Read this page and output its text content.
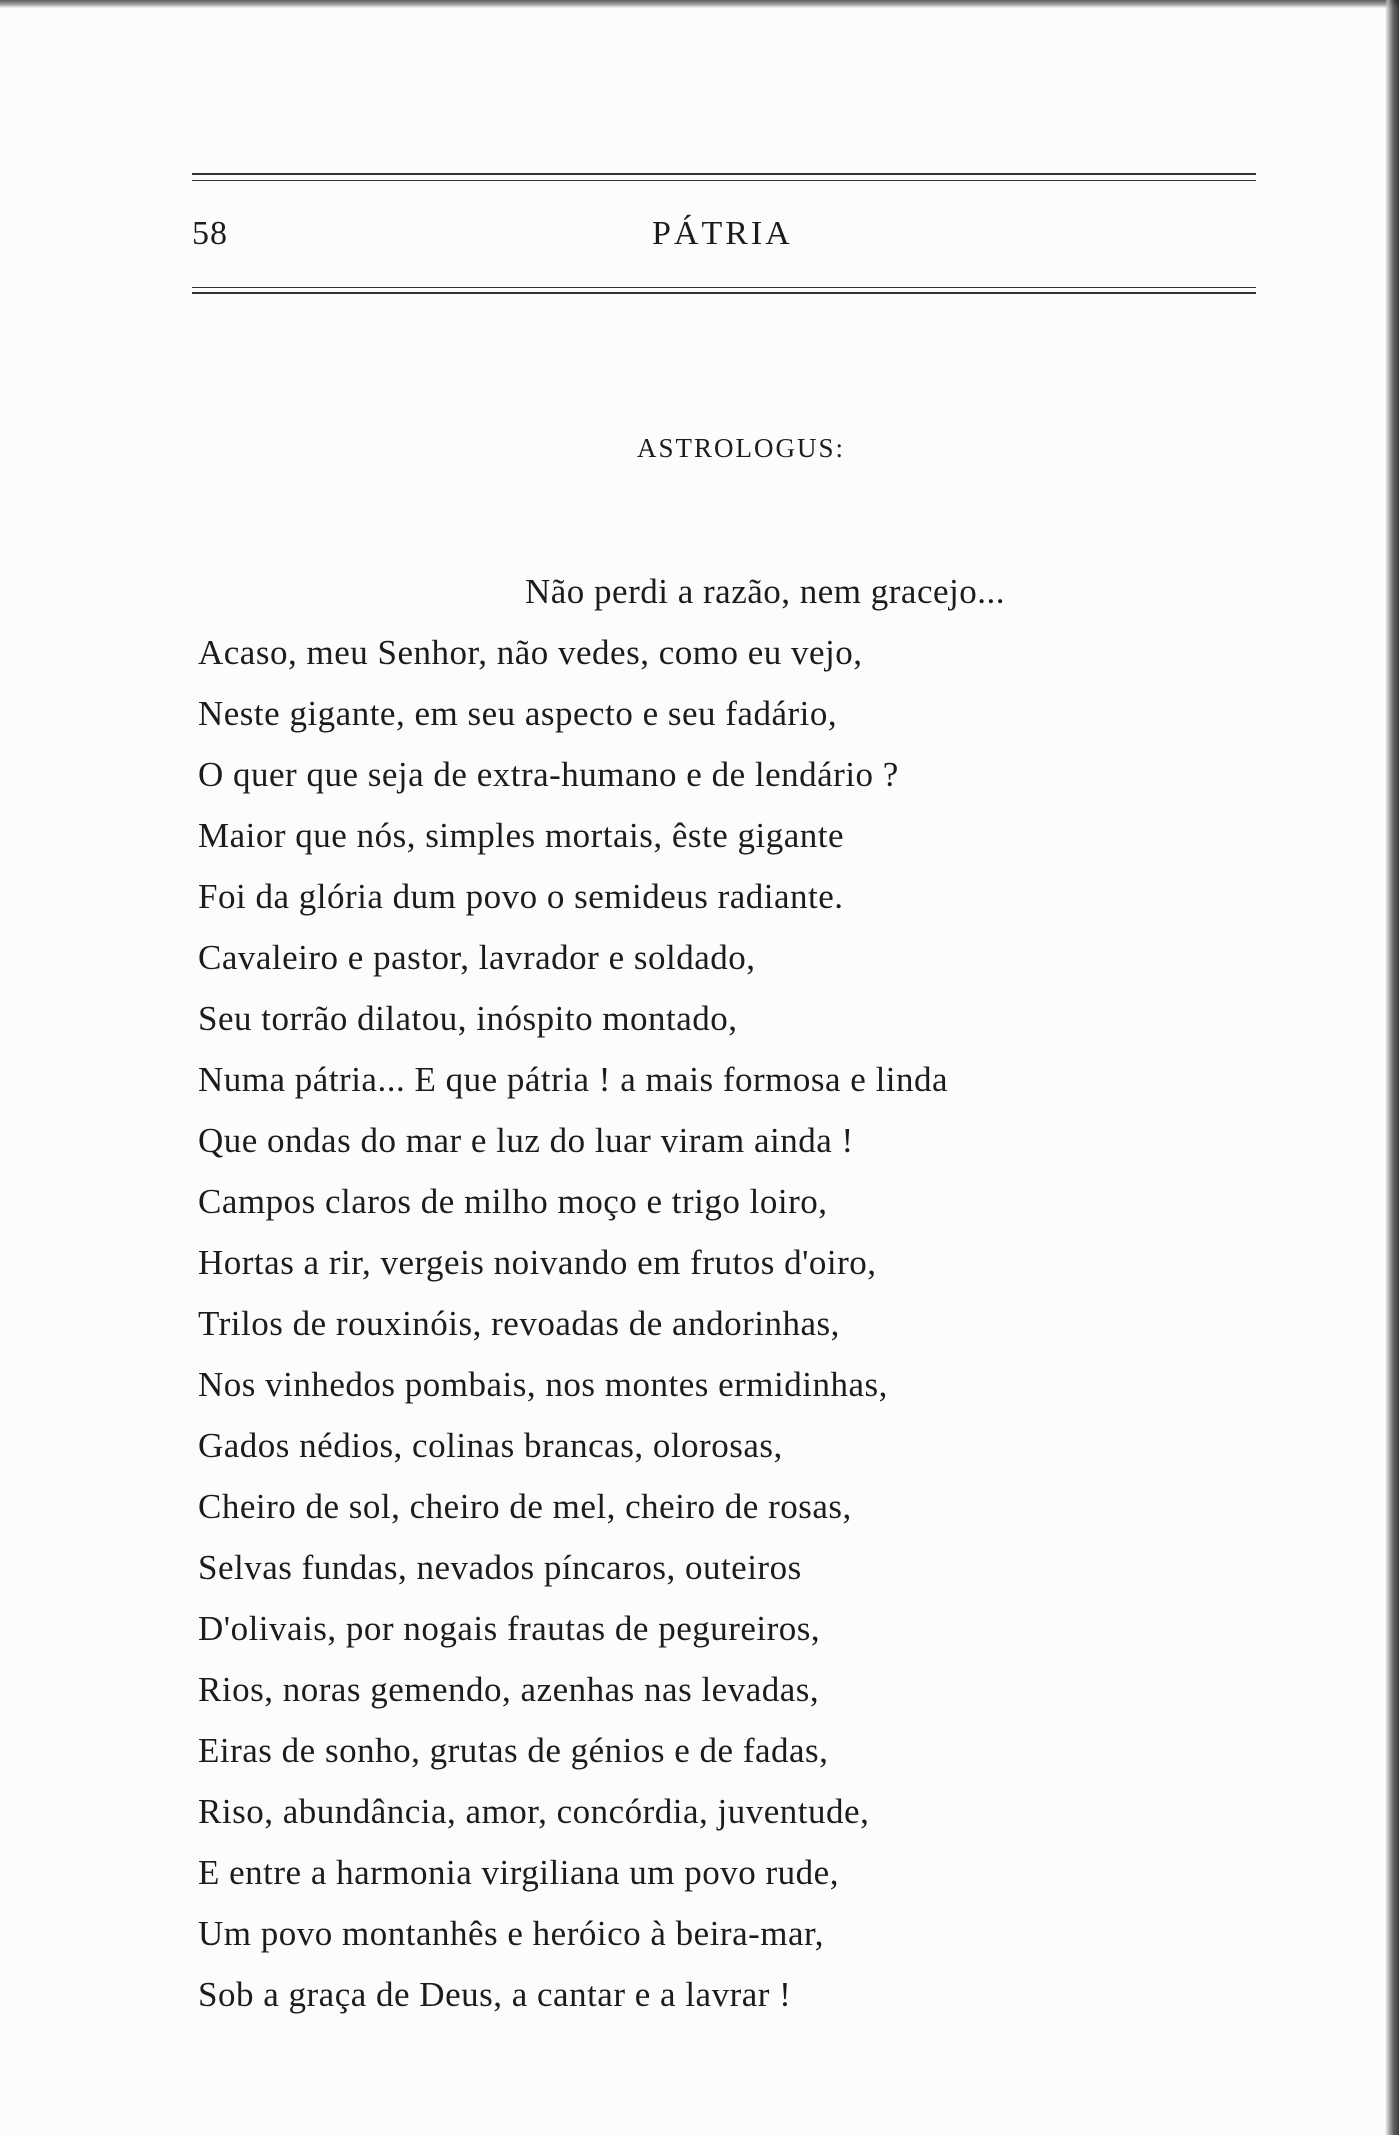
58	PÁTRIA
ASTROLOGUS:
Não perdi a razão, nem gracejo...
Acaso, meu Senhor, não vedes, como eu vejo,
Neste gigante, em seu aspecto e seu fadário,
O quer que seja de extra-humano e de lendário ?
Maior que nós, simples mortais, êste gigante
Foi da glória dum povo o semideus radiante.
Cavaleiro e pastor, lavrador e soldado,
Seu torrão dilatou, inóspito montado,
Numa pátria... E que pátria ! a mais formosa e linda
Que ondas do mar e luz do luar viram ainda !
Campos claros de milho moço e trigo loiro,
Hortas a rir, vergeis noivando em frutos d'oiro,
Trilos de rouxinóis, revoadas de andorinhas,
Nos vinhedos pombais, nos montes ermidinhas,
Gados nédios, colinas brancas, olorosas,
Cheiro de sol, cheiro de mel, cheiro de rosas,
Selvas fundas, nevados píncaros, outeiros
D'olivais, por nogais frautas de pegureiros,
Rios, noras gemendo, azenhas nas levadas,
Eiras de sonho, grutas de génios e de fadas,
Riso, abundância, amor, concórdia, juventude,
E entre a harmonia virgiliana um povo rude,
Um povo montanhês e heróico à beira-mar,
Sob a graça de Deus, a cantar e a lavrar !
